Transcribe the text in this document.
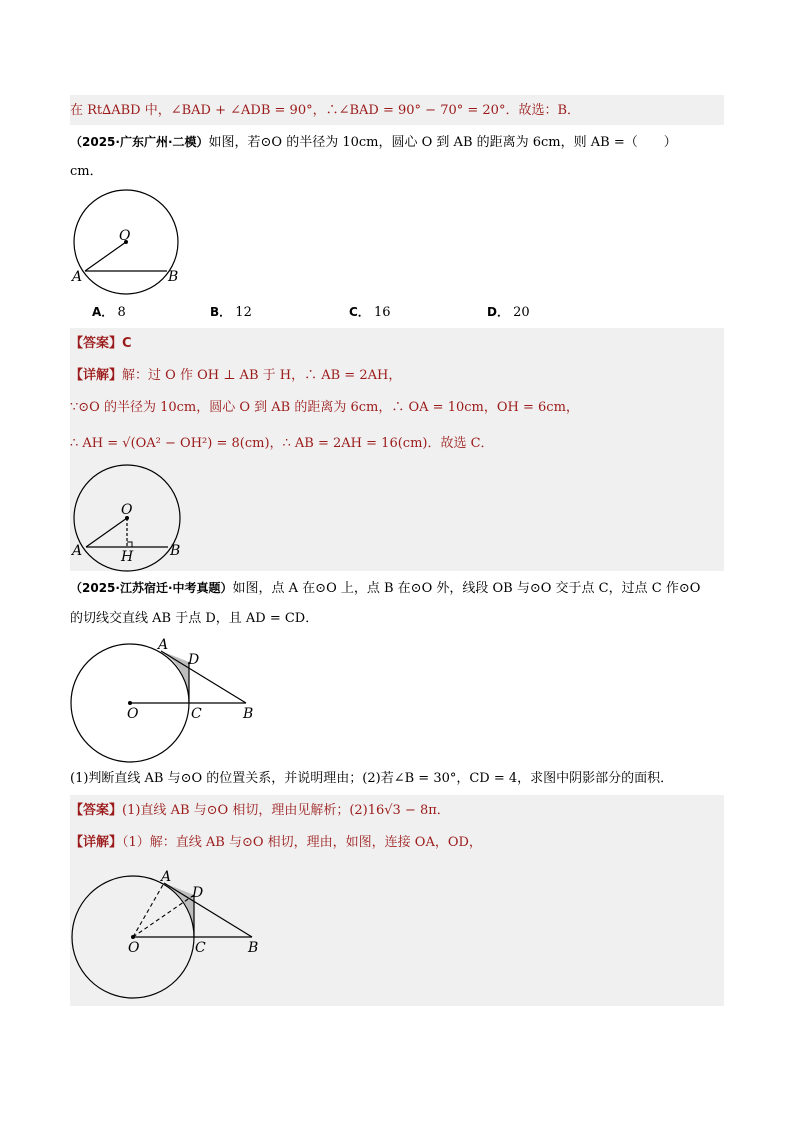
在 Rt∆ABD 中，∠BAD + ∠ADB = 90°，∴∠BAD = 90° − 70° = 20°．故选：B．
（2025·广东广州·二模）如图，若⊙O 的半径为 10cm，圆心 O 到 AB 的距离为 6cm，则 AB =（　　）
cm．
O
A	B
A． 8	B． 12	C． 16	D． 20
【答案】C
【详解】解：过 O 作 OH ⊥ AB 于 H，∴ AB = 2AH，
∵⊙O 的半径为 10cm，圆心 O 到 AB 的距离为 6cm，∴ OA = 10cm，OH = 6cm，
∴ AH = √(OA² − OH²) = 8(cm)，∴ AB = 2AH = 16(cm)．故选 C．
O
A	B
H
（2025·江苏宿迁·中考真题）如图，点 A 在⊙O 上，点 B 在⊙O 外，线段 OB 与⊙O 交于点 C，过点 C 作⊙O
的切线交直线 AB 于点 D，且 AD = CD．
A
D
O	C	B
(1)判断直线 AB 与⊙O 的位置关系，并说明理由；(2)若∠B = 30°，CD = 4，求图中阴影部分的面积．
【答案】(1)直线 AB 与⊙O 相切，理由见解析；(2)16√3 − 8π．
【详解】（1）解：直线 AB 与⊙O 相切，理由，如图，连接 OA，OD，
A
D
O	C	B
